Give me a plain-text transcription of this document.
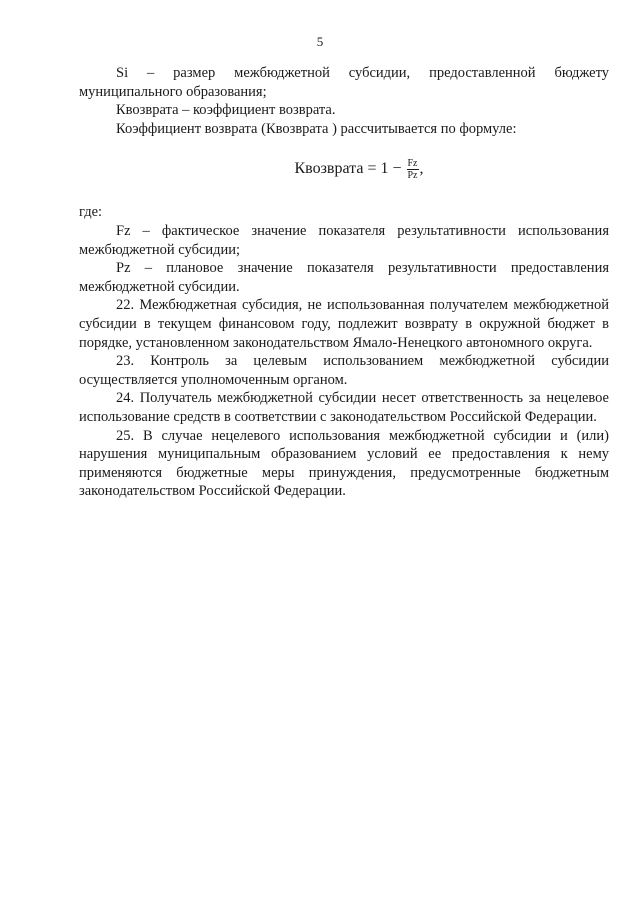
5

Si – размер межбюджетной субсидии, предоставленной бюджету муниципального образования;

Квозврата – коэффициент возврата.

Коэффициент возврата (Квозврата ) рассчитывается по формуле:

Квозврата = $1 - \frac{Fz}{Pz}$ ,

где:

Fz – фактическое значение показателя результативности использования межбюджетной субсидии;

Pz – плановое значение показателя результативности предоставления межбюджетной субсидии.

22. Межбюджетная субсидия, не использованная получателем межбюджетной субсидии в текущем финансовом году, подлежит возврату в окружной бюджет в порядке, установленном законодательством Ямало-Ненецкого автономного округа.

23. Контроль за целевым использованием межбюджетной субсидии осуществляется уполномоченным органом.

24. Получатель межбюджетной субсидии несет ответственность за нецелевое использование средств в соответствии с законодательством Российской Федерации.

25. В случае нецелевого использования межбюджетной субсидии и (или) нарушения муниципальным образованием условий ее предоставления к нему применяются бюджетные меры принуждения, предусмотренные бюджетным законодательством Российской Федерации.
